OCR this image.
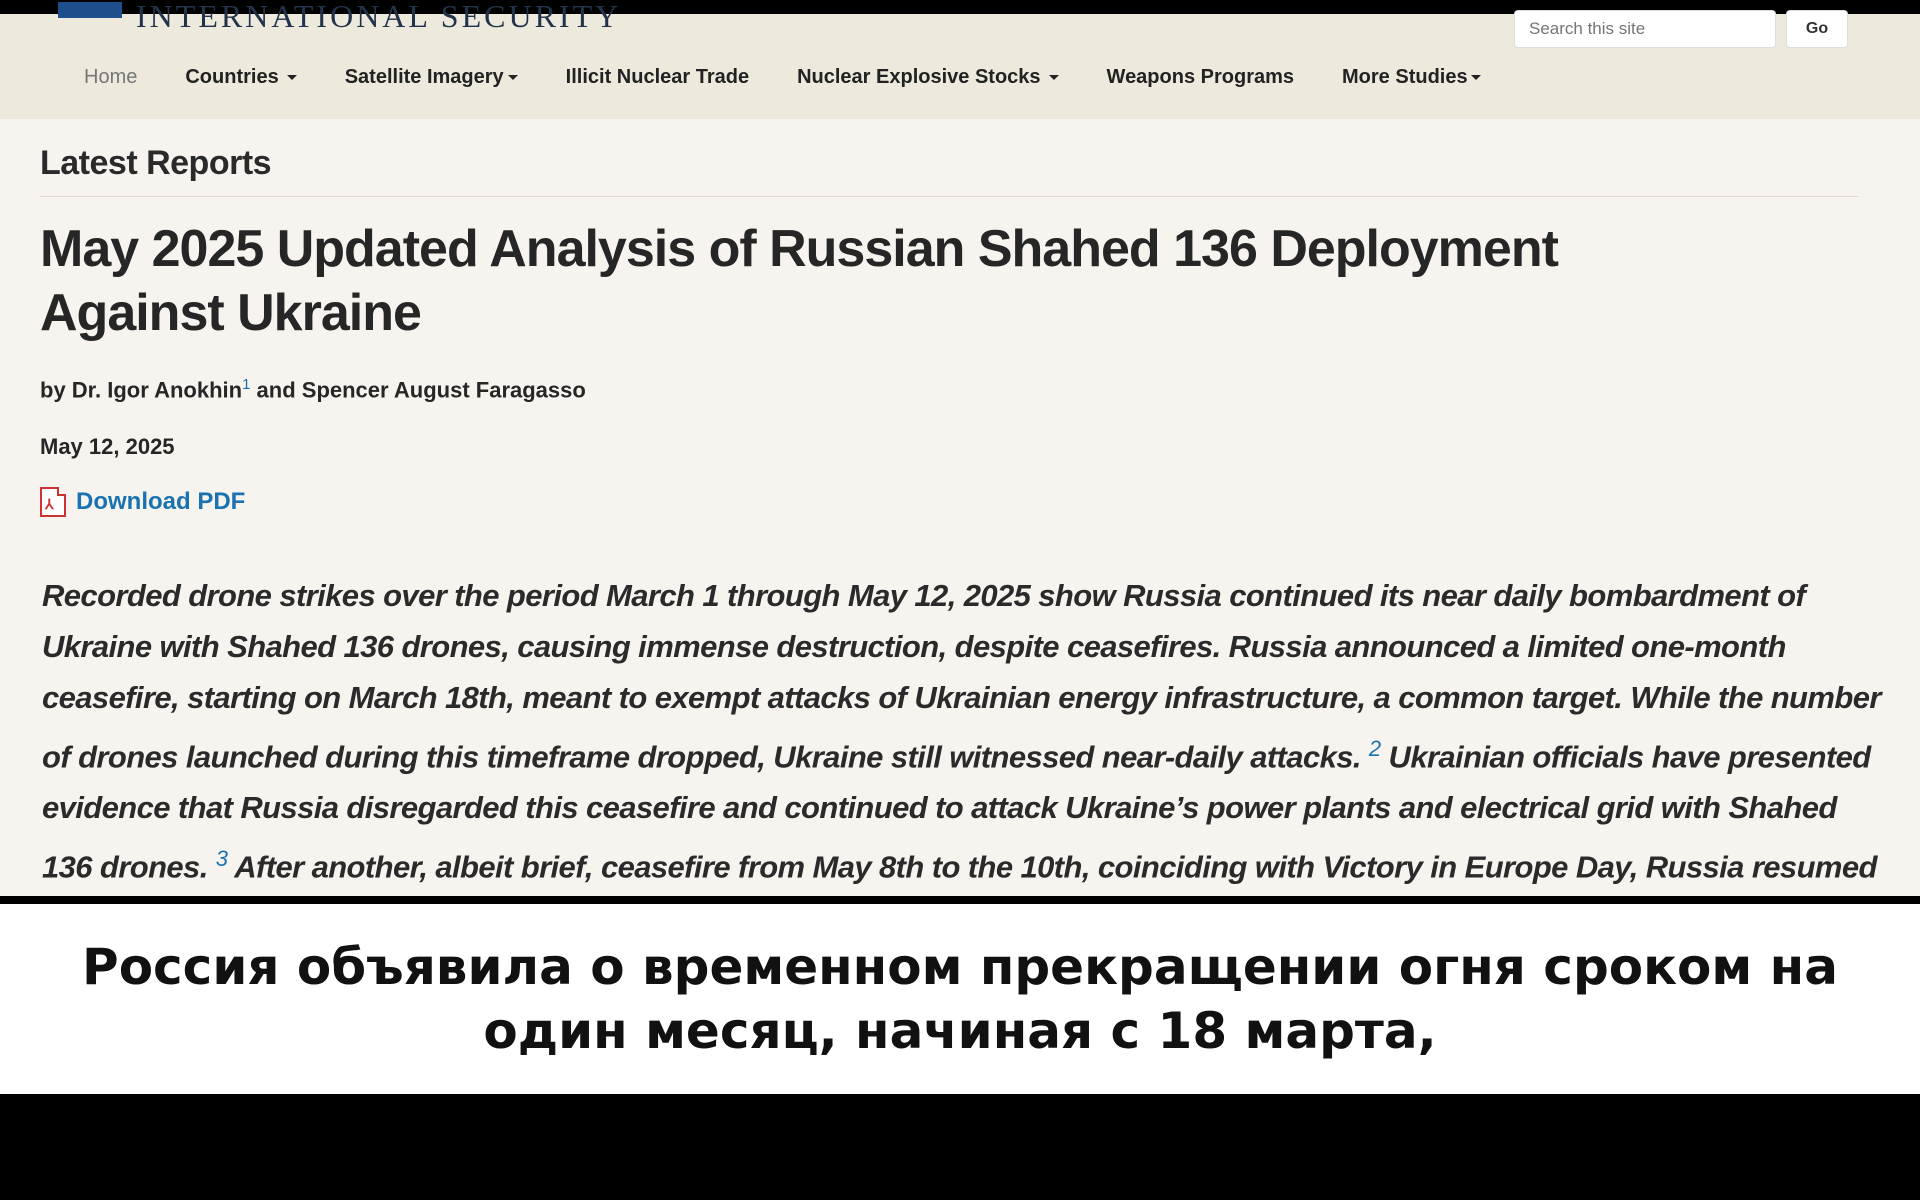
INTERNATIONAL SECURITY

Search this site	Go
Home Countries	Satellite Imagery	Illicit Nuclear Trade Nuclear Explosive Stocks	Weapons Programs More Studies
Latest Reports
May 2025 Updated Analysis of Russian Shahed 136 Deployment Against Ukraine
by Dr. Igor Anokhin$^1$ and Spencer August Faragasso
May 12, 2025
⅄ Download PDF

Recorded drone strikes over the period March 1 through May 12, 2025 show Russia continued its near daily bombardment of Ukraine with Shahed 136 drones, causing immense destruction, despite ceasefires. Russia announced a limited one-month ceasefire, starting on March 18th, meant to exempt attacks of Ukrainian energy infrastructure, a common target. While the number of drones launched during this timeframe dropped, Ukraine still witnessed near-daily attacks. $^2$ Ukrainian officials have presented evidence that Russia disregarded this ceasefire and continued to attack Ukraine’s power plants and electrical grid with Shahed 136 drones. $^3$ After another, albeit brief, ceasefire from May 8th to the 10th, coinciding with Victory in Europe Day, Russia resumed

Россия объявила о временном прекращении огня сроком на один месяц, начиная с 18 марта,
